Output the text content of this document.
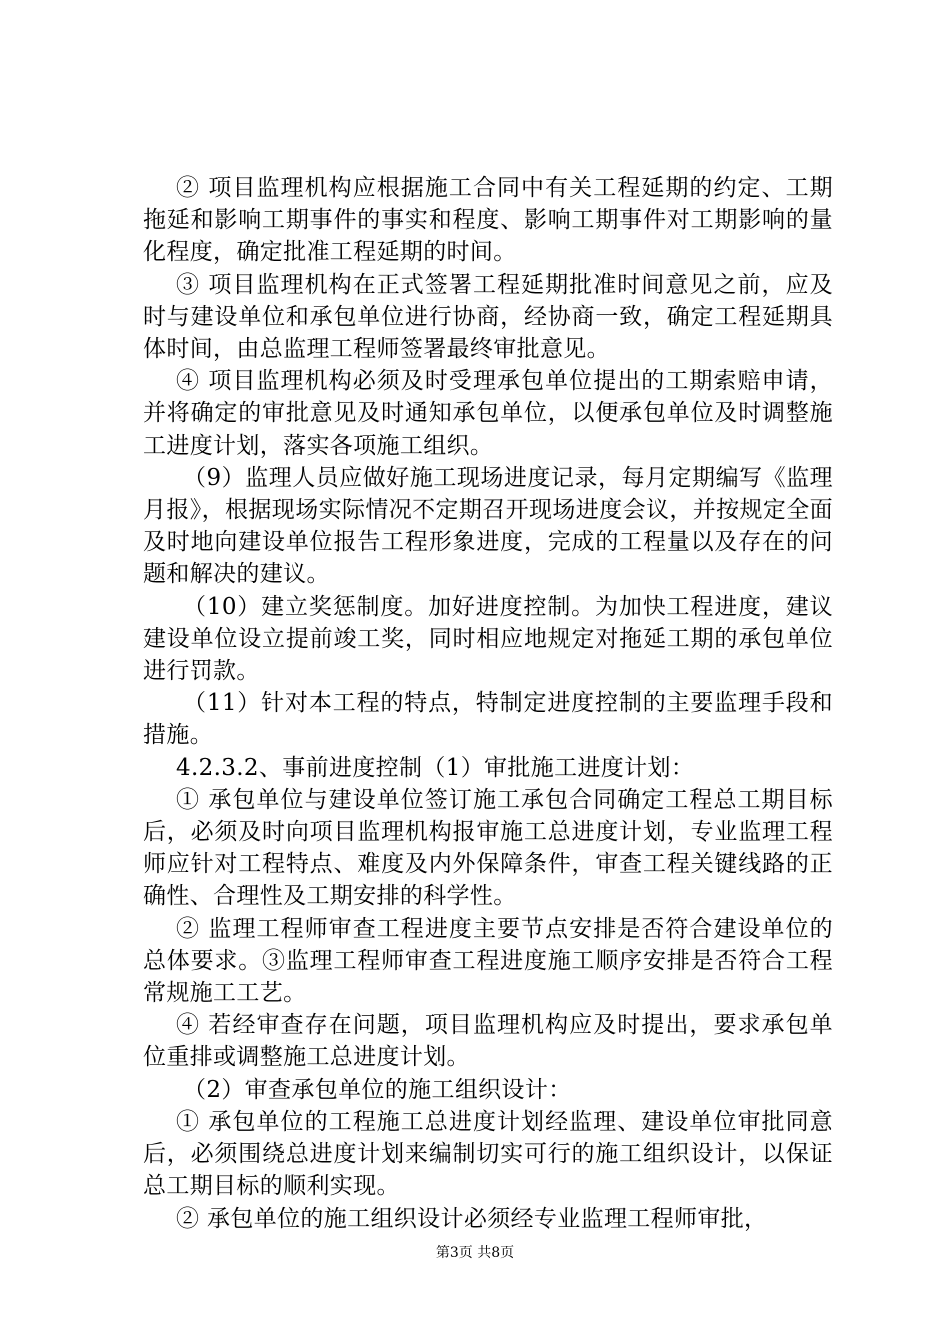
② 项目监理机构应根据施工合同中有关工程延期的约定、工期拖延和影响工期事件的事实和程度、影响工期事件对工期影响的量化程度，确定批准工程延期的时间。

③ 项目监理机构在正式签署工程延期批准时间意见之前，应及时与建设单位和承包单位进行协商，经协商一致，确定工程延期具体时间，由总监理工程师签署最终审批意见。

④ 项目监理机构必须及时受理承包单位提出的工期索赔申请，并将确定的审批意见及时通知承包单位，以便承包单位及时调整施工进度计划，落实各项施工组织。

（9）监理人员应做好施工现场进度记录，每月定期编写《监理月报》，根据现场实际情况不定期召开现场进度会议，并按规定全面及时地向建设单位报告工程形象进度，完成的工程量以及存在的问题和解决的建议。

（10）建立奖惩制度。加好进度控制。为加快工程进度，建议建设单位设立提前竣工奖，同时相应地规定对拖延工期的承包单位进行罚款。

（11）针对本工程的特点，特制定进度控制的主要监理手段和措施。

4.2.3.2、事前进度控制（1）审批施工进度计划：

① 承包单位与建设单位签订施工承包合同确定工程总工期目标后，必须及时向项目监理机构报审施工总进度计划，专业监理工程师应针对工程特点、难度及内外保障条件，审查工程关键线路的正确性、合理性及工期安排的科学性。

② 监理工程师审查工程进度主要节点安排是否符合建设单位的总体要求。③监理工程师审查工程进度施工顺序安排是否符合工程常规施工工艺。

④ 若经审查存在问题，项目监理机构应及时提出，要求承包单位重排或调整施工总进度计划。

（2）审查承包单位的施工组织设计：

① 承包单位的工程施工总进度计划经监理、建设单位审批同意后，必须围绕总进度计划来编制切实可行的施工组织设计，以保证总工期目标的顺利实现。

② 承包单位的施工组织设计必须经专业监理工程师审批，

第3页 共8页
